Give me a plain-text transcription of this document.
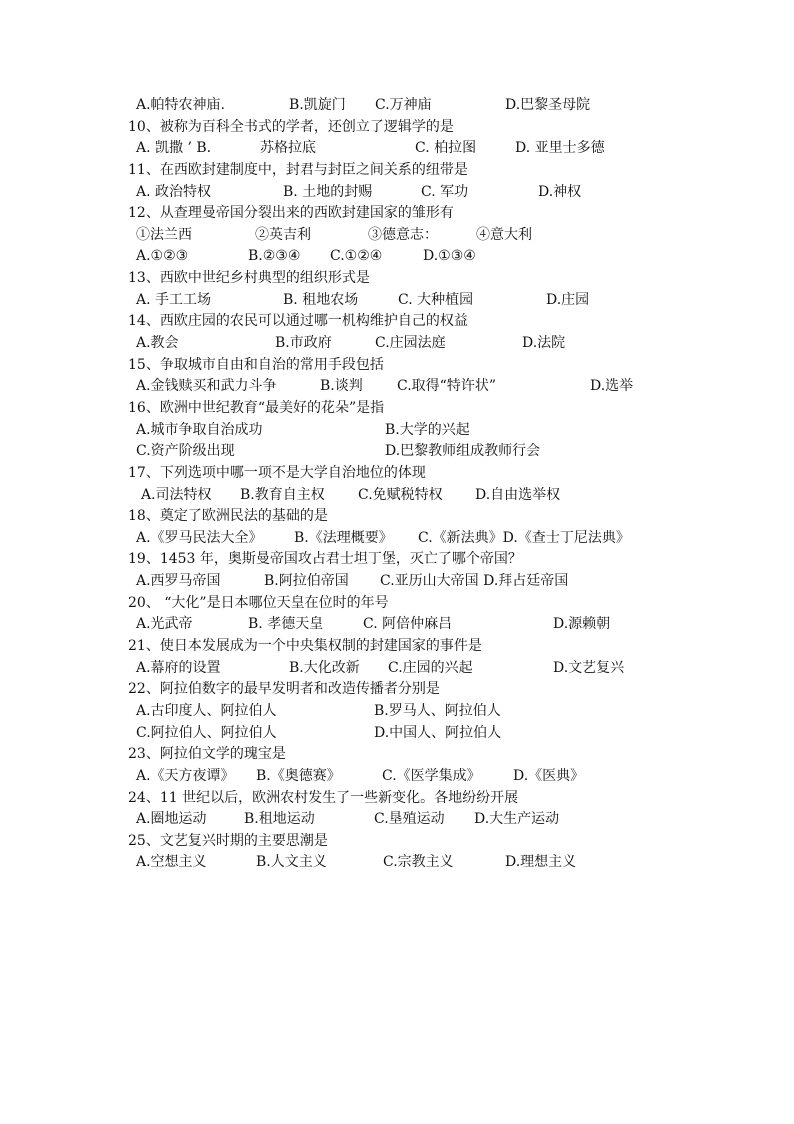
A.帕特农神庙.	B.凯旋门 C.万神庙	D.巴黎圣母院
10、被称为百科全书式的学者，还创立了逻辑学的是
A. 凯撒 ’ B.	苏格拉底	C. 柏拉图	D. 亚里士多德
11、在西欧封建制度中，封君与封臣之间关系的纽带是
A. 政治特权	B. 土地的封赐	C. 军功	D.神权
12、从查理曼帝国分裂出来的西欧封建国家的雏形有
①法兰西	②英吉利	③德意志：	④意大利
A.①②③	B.②③④ C.①②④	D.①③④
13、西欧中世纪乡村典型的组织形式是
A. 手工工场	B. 租地农场	C. 大种植园	D.庄园
14、西欧庄园的农民可以通过哪一机构维护自己的权益
A.教会	B.市政府	C.庄园法庭	D.法院
15、争取城市自由和自治的常用手段包括
A.金钱赎买和武力斗争	B.谈判 C.取得“特许状”	D.选举
16、欧洲中世纪教育“最美好的花朵”是指
A.城市争取自治成功	B.大学的兴起
C.资产阶级出现	D.巴黎教师组成教师行会
17、下列选项中哪一项不是大学自治地位的体现
A.司法特权 B.教育自主权 C.免赋税特权 D.自由选举权
18、奠定了欧洲民法的基础的是
A.《罗马民法大全》 B.《法理概要》 C.《新法典》D.《查士丁尼法典》
19、1453 年，奥斯曼帝国攻占君士坦丁堡，灭亡了哪个帝国？
A.西罗马帝国	B.阿拉伯帝国 C.亚历山大帝国 D.拜占廷帝国
20、 “大化”是日本哪位天皇在位时的年号
A.光武帝	B. 孝德天皇	C. 阿倍仲麻吕	D.源赖朝
21、使日本发展成为一个中央集权制的封建国家的事件是
A.幕府的设置	B.大化改新 C.庄园的兴起	D.文艺复兴
22、阿拉伯数字的最早发明者和改造传播者分别是
A.古印度人、阿拉伯人	B.罗马人、阿拉伯人
C.阿拉伯人、阿拉伯人	D.中国人、阿拉伯人
23、阿拉伯文学的瑰宝是
A.《天方夜谭》 B.《奥德赛》	C.《医学集成》 D.《医典》
24、11 世纪以后，欧洲农村发生了一些新变化。各地纷纷开展
A.圈地运动	B.租地运动	C.垦殖运动 D.大生产运动
25、文艺复兴时期的主要思潮是
A.空想主义	B.人文主义	C.宗教主义	D.理想主义
